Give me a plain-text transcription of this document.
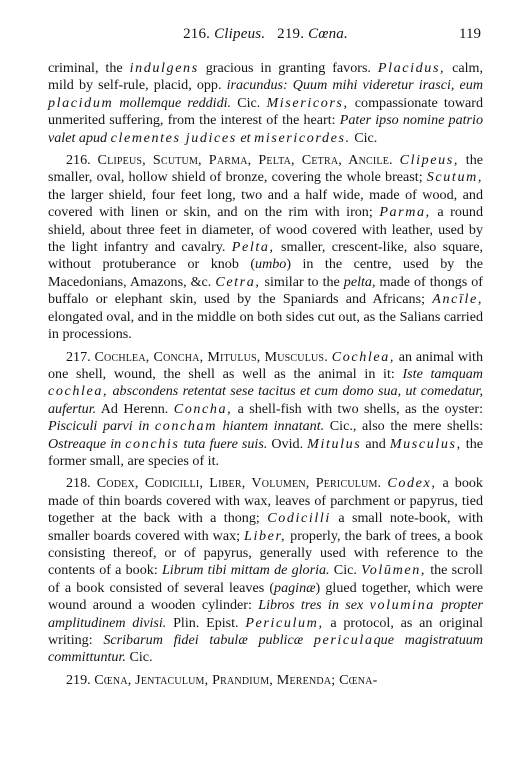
216. Clipeus. 219. Cœna.	119

criminal, the indulgens gracious in granting favors. Placidus, calm, mild by self-rule, placid, opp. iracundus: Quum mihi videretur irasci, eum placidum mollemque reddidi. Cic. Misericors, compassionate toward unmerited suffering, from the interest of the heart: Pater ipso nomine patrio valet apud clementes judices et misericordes. Cic.

216. Clipeus, Scutum, Parma, Pelta, Cetra, Ancile. Clipeus, the smaller, oval, hollow shield of bronze, covering the whole breast; Scutum, the larger shield, four feet long, two and a half wide, made of wood, and covered with linen or skin, and on the rim with iron; Parma, a round shield, about three feet in diameter, of wood covered with leather, used by the light infantry and cavalry. Pelta, smaller, crescent-like, also square, without protuberance or knob (umbo) in the centre, used by the Macedonians, Amazons, &c. Cetra, similar to the pelta, made of thongs of buffalo or elephant skin, used by the Spaniards and Africans; Ancīle, elongated oval, and in the middle on both sides cut out, as the Salians carried in processions.

217. Cochlea, Concha, Mitulus, Musculus. Cochlea, an animal with one shell, wound, the shell as well as the animal in it: Iste tamquam cochlea, abscondens retentat sese tacitus et cum domo sua, ut comedatur, aufertur. Ad Herenn. Concha, a shell-fish with two shells, as the oyster: Pisciculi parvi in concham hiantem innatant. Cic., also the mere shells: Ostreaque in conchis tuta fuere suis. Ovid. Mitulus and Musculus, the former small, are species of it.

218. Codex, Codicilli, Liber, Volumen, Periculum. Codex, a book made of thin boards covered with wax, leaves of parchment or papyrus, tied together at the back with a thong; Codicilli a small note-book, with smaller boards covered with wax; Liber, properly, the bark of trees, a book consisting thereof, or of papyrus, generally used with reference to the contents of a book: Librum tibi mittam de gloria. Cic. Volūmen, the scroll of a book consisted of several leaves (paginæ) glued together, which were wound around a wooden cylinder: Libros tres in sex volumina propter amplitudinem divisi. Plin. Epist. Periculum, a protocol, as an original writing: Scribarum fidei tabulæ publicæ periculaque magistratuum committuntur. Cic.

219. Cœna, Jentaculum, Prandium, Merenda; Cœna-
